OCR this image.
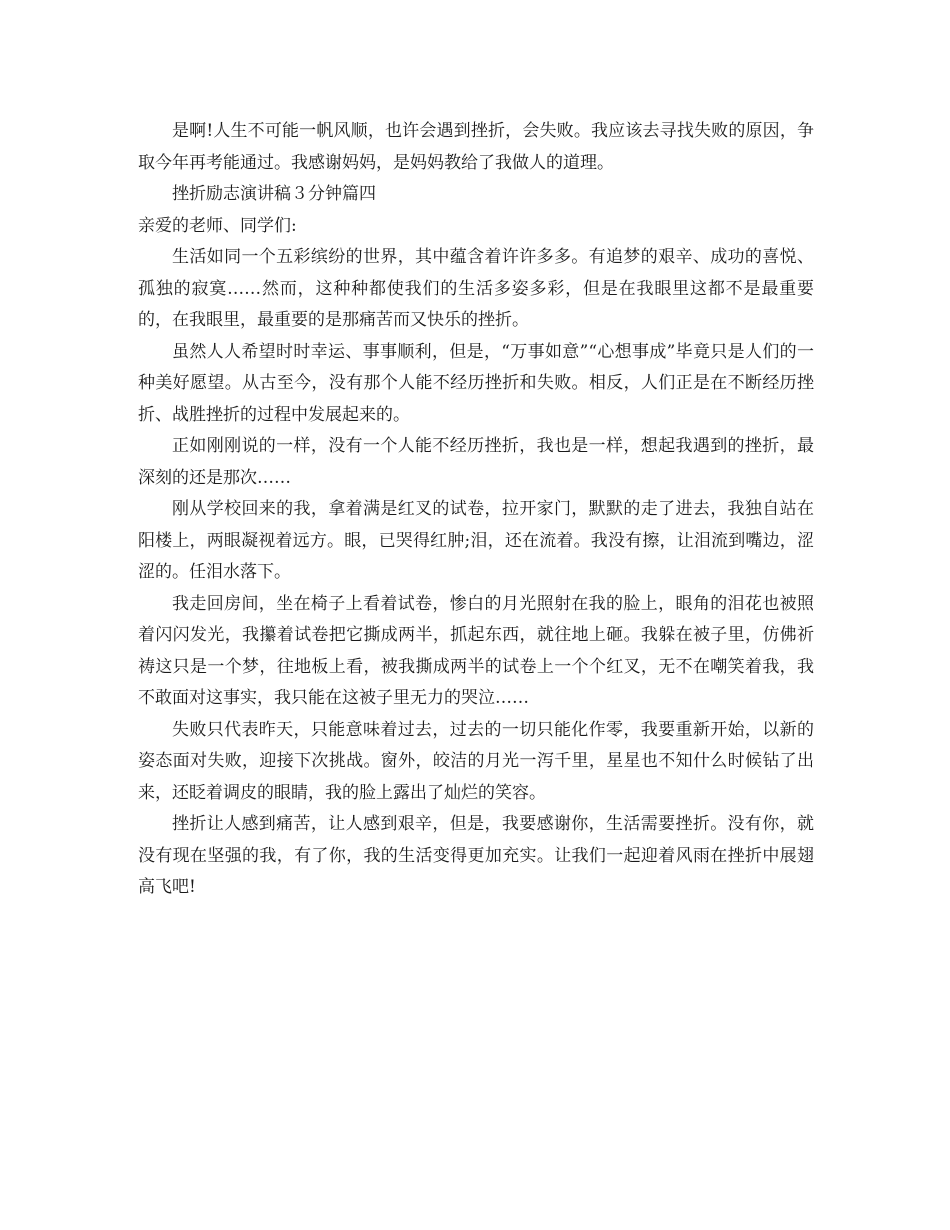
是啊!人生不可能一帆风顺，也许会遇到挫折，会失败。我应该去寻找失败的原因，争取今年再考能通过。我感谢妈妈，是妈妈教给了我做人的道理。

挫折励志演讲稿３分钟篇四

亲爱的老师、同学们:

生活如同一个五彩缤纷的世界，其中蕴含着许许多多。有追梦的艰辛、成功的喜悦、孤独的寂寞……然而，这种种都使我们的生活多姿多彩，但是在我眼里这都不是最重要的，在我眼里，最重要的是那痛苦而又快乐的挫折。

虽然人人希望时时幸运、事事顺利，但是，“万事如意”“心想事成”毕竟只是人们的一种美好愿望。从古至今，没有那个人能不经历挫折和失败。相反，人们正是在不断经历挫折、战胜挫折的过程中发展起来的。

正如刚刚说的一样，没有一个人能不经历挫折，我也是一样，想起我遇到的挫折，最深刻的还是那次……

刚从学校回来的我，拿着满是红叉的试卷，拉开家门，默默的走了进去，我独自站在阳楼上，两眼凝视着远方。眼，已哭得红肿;泪，还在流着。我没有擦，让泪流到嘴边，涩涩的。任泪水落下。

我走回房间，坐在椅子上看着试卷，惨白的月光照射在我的脸上，眼角的泪花也被照着闪闪发光，我攥着试卷把它撕成两半，抓起东西，就往地上砸。我躲在被子里，仿佛祈祷这只是一个梦，往地板上看，被我撕成两半的试卷上一个个红叉，无不在嘲笑着我，我不敢面对这事实，我只能在这被子里无力的哭泣……

失败只代表昨天，只能意味着过去，过去的一切只能化作零，我要重新开始，以新的姿态面对失败，迎接下次挑战。窗外，皎洁的月光一泻千里，星星也不知什么时候钻了出来，还眨着调皮的眼睛，我的脸上露出了灿烂的笑容。

挫折让人感到痛苦，让人感到艰辛，但是，我要感谢你，生活需要挫折。没有你，就没有现在坚强的我，有了你，我的生活变得更加充实。让我们一起迎着风雨在挫折中展翅高飞吧!
